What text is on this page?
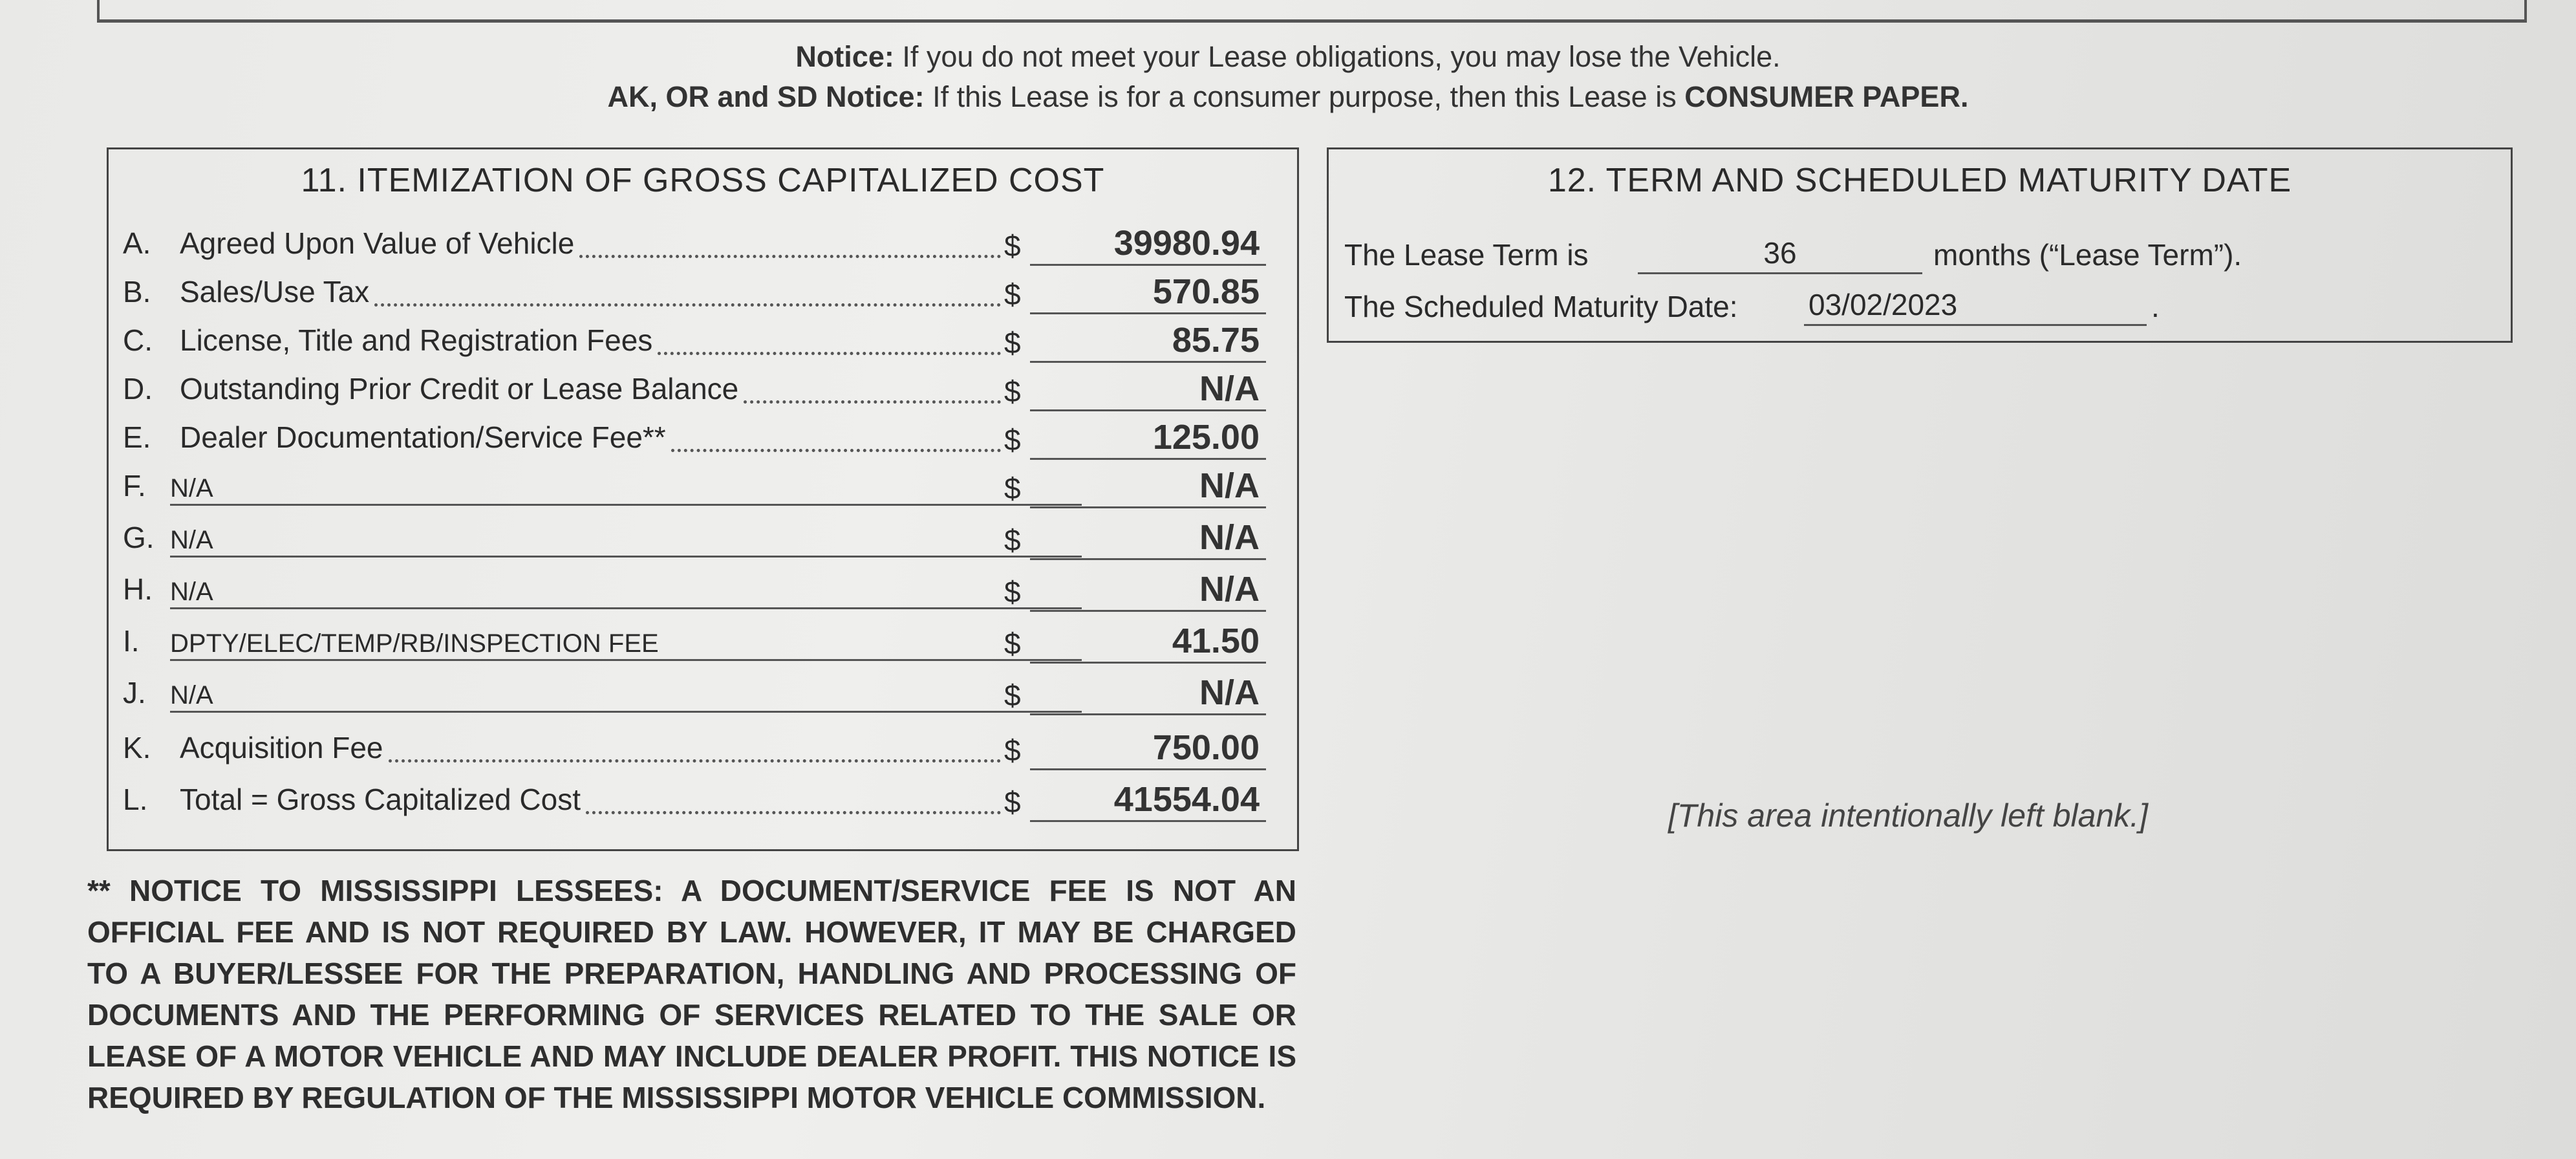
Notice: If you do not meet your Lease obligations, you may lose the Vehicle.
AK, OR and SD Notice: If this Lease is for a consumer purpose, then this Lease is CONSUMER PAPER.
11. ITEMIZATION OF GROSS CAPITALIZED COST
A. Agreed Upon Value of Vehicle	$	39980.94
B. Sales/Use Tax	$	570.85
C. License, Title and Registration Fees	$	85.75
D. Outstanding Prior Credit or Lease Balance	$	N/A
E. Dealer Documentation/Service Fee**	$	125.00
F. N/A	$	N/A
G. N/A	$	N/A
H. N/A	$	N/A
I. DPTY/ELEC/TEMP/RB/INSPECTION FEE	$	41.50
J. N/A	$	N/A
K. Acquisition Fee	$	750.00
L. Total = Gross Capitalized Cost	$	41554.04
12. TERM AND SCHEDULED MATURITY DATE
The Lease Term is	36	months (“Lease Term”).
The Scheduled Maturity Date: 03/02/2023	.
** NOTICE TO MISSISSIPPI LESSEES: A DOCUMENT/SERVICE FEE IS NOT AN OFFICIAL FEE AND IS NOT REQUIRED BY LAW. HOWEVER, IT MAY BE CHARGED TO A BUYER/LESSEE FOR THE PREPARATION, HANDLING AND PROCESSING OF DOCUMENTS AND THE PERFORMING OF SERVICES RELATED TO THE SALE OR LEASE OF A MOTOR VEHICLE AND MAY INCLUDE DEALER PROFIT. THIS NOTICE IS REQUIRED BY REGULATION OF THE MISSISSIPPI MOTOR VEHICLE COMMISSION.
[This area intentionally left blank.]
